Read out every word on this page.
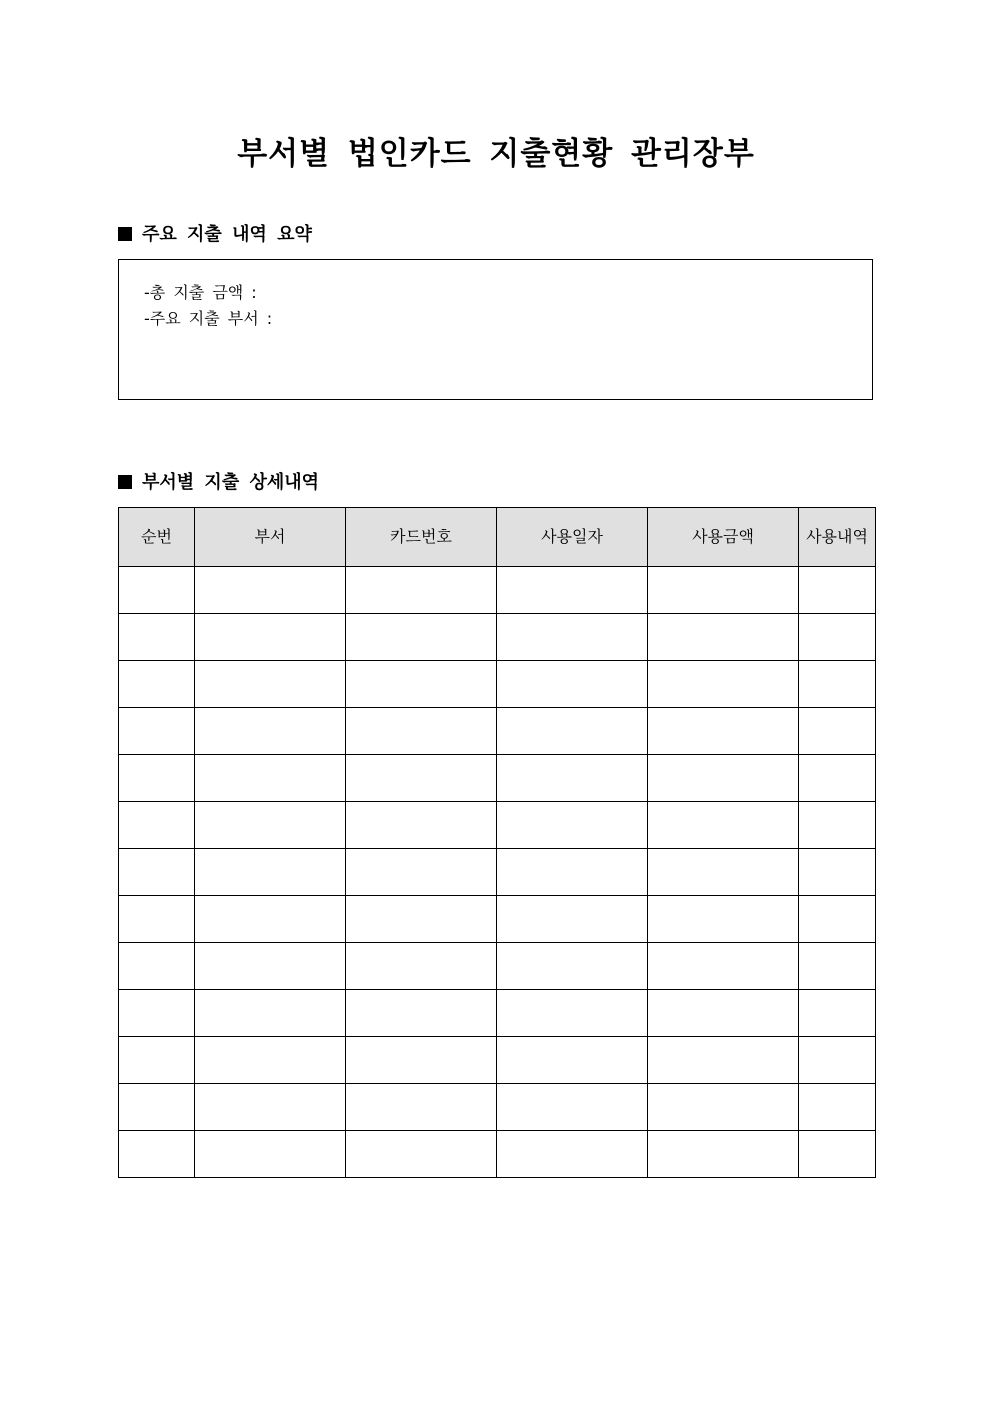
부서별 법인카드 지출현황 관리장부
주요 지출 내역 요약
-총 지출 금액 :
-주요 지출 부서 :
부서별 지출 상세내역
순번	부서	카드번호	사용일자	사용금액	사용내역
